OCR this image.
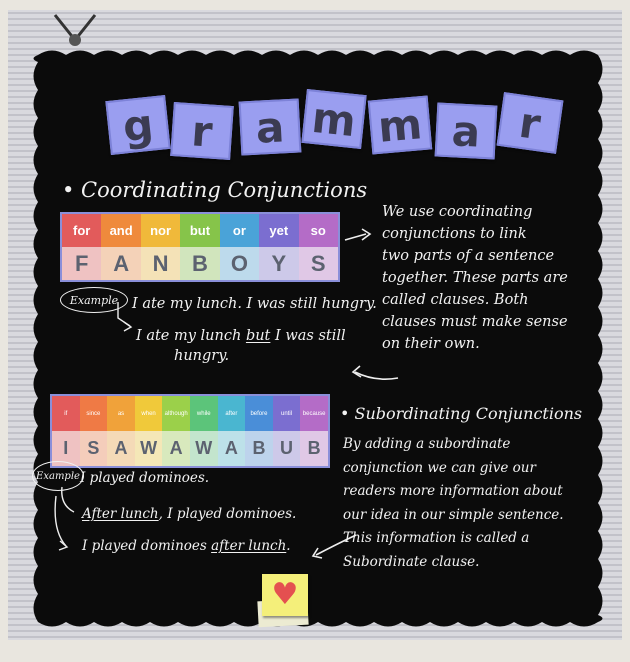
g r a m m a r
• Coordinating Conjunctions
for	and	nor	but	or	yet	so
F	A	N	B	O	Y	S
Example I ate my lunch. I was still hungry.
I ate my lunch but I was still
hungry.
We use coordinating
conjunctions to link
two parts of a sentence
together. These parts are
called clauses. Both
clauses must make sense
on their own.
if	since	as	when	although	while	after	before	until	because
I	S A W A W A B U B
• Subordinating Conjunctions
Example I played dominoes.
After lunch, I played dominoes.
I played dominoes after lunch.
By adding a subordinate
conjunction we can give our
readers more information about
our idea in our simple sentence.
This information is called a
Subordinate clause.
♥
